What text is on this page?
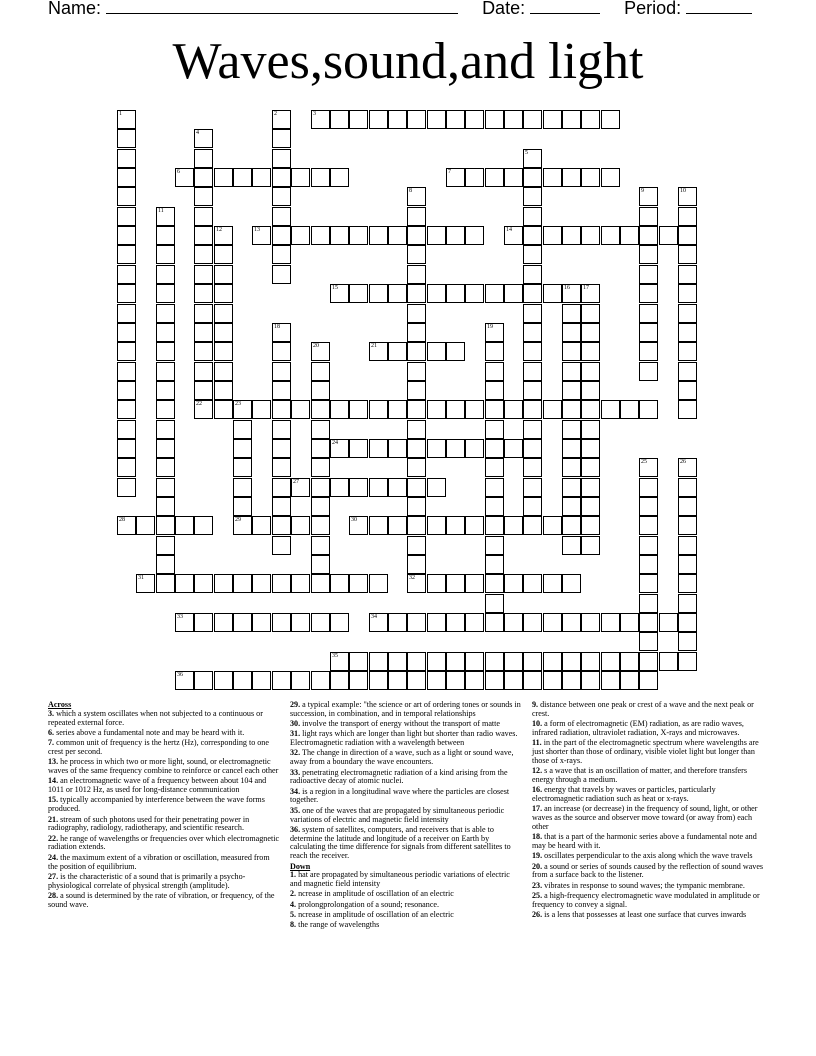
Name:	Date:	Period:
Waves,sound,and light
3
6	7
13	14
15
21
22	23
24
27
28	29	30
31	32
33	34
35
36
1	2
4
5
8	9	10
11
12
16 17
18	19
20
25	26
Across
3. which a system oscillates when not subjected to a continuous or repeated external force.
6. series above a fundamental note and may be heard with it.
7. common unit of frequency is the hertz (Hz), corresponding to one crest per second.
13. he process in which two or more light, sound, or electromagnetic waves of the same frequency combine to reinforce or cancel each other
14. an electromagnetic wave of a frequency between about 104 and 1011 or 1012 Hz, as used for long-distance communication
15. typically accompanied by interference between the wave forms produced.
21. stream of such photons used for their penetrating power in radiography, radiology, radiotherapy, and scientific research.
22. he range of wavelengths or frequencies over which electromagnetic radiation extends.
24. the maximum extent of a vibration or oscillation, measured from the position of equilibrium.
27. is the characteristic of a sound that is primarily a psycho-physiological correlate of physical strength (amplitude).
28. a sound is determined by the rate of vibration, or frequency, of the sound wave.
29. a typical example: "the science or art of ordering tones or sounds in succession, in combination, and in temporal relationships
30. involve the transport of energy without the transport of matte
31. light rays which are longer than light but shorter than radio waves. Electromagnetic radiation with a wavelength between
32. The change in direction of a wave, such as a light or sound wave, away from a boundary the wave encounters.
33. penetrating electromagnetic radiation of a kind arising from the radioactive decay of atomic nuclei.
34. is a region in a longitudinal wave where the particles are closest together.
35. one of the waves that are propagated by simultaneous periodic variations of electric and magnetic field intensity
36. system of satellites, computers, and receivers that is able to determine the latitude and longitude of a receiver on Earth by calculating the time difference for signals from different satellites to reach the receiver.
Down
1. hat are propagated by simultaneous periodic variations of electric and magnetic field intensity
2. ncrease in amplitude of oscillation of an electric
4. prolongprolongation of a sound; resonance.
5. ncrease in amplitude of oscillation of an electric
8. the range of wavelengths
9. distance between one peak or crest of a wave and the next peak or crest.
10. a form of electromagnetic (EM) radiation, as are radio waves, infrared radiation, ultraviolet radiation, X-rays and microwaves.
11. in the part of the electromagnetic spectrum where wavelengths are just shorter than those of ordinary, visible violet light but longer than those of x-rays.
12. s a wave that is an oscillation of matter, and therefore transfers energy through a medium.
16. energy that travels by waves or particles, particularly electromagnetic radiation such as heat or x-rays.
17. an increase (or decrease) in the frequency of sound, light, or other waves as the source and observer move toward (or away from) each other
18. that is a part of the harmonic series above a fundamental note and may be heard with it.
19. oscillates perpendicular to the axis along which the wave travels
20. a sound or series of sounds caused by the reflection of sound waves from a surface back to the listener.
23. vibrates in response to sound waves; the tympanic membrane.
25. a high-frequency electromagnetic wave modulated in amplitude or frequency to convey a signal.
26. is a lens that possesses at least one surface that curves inwards
